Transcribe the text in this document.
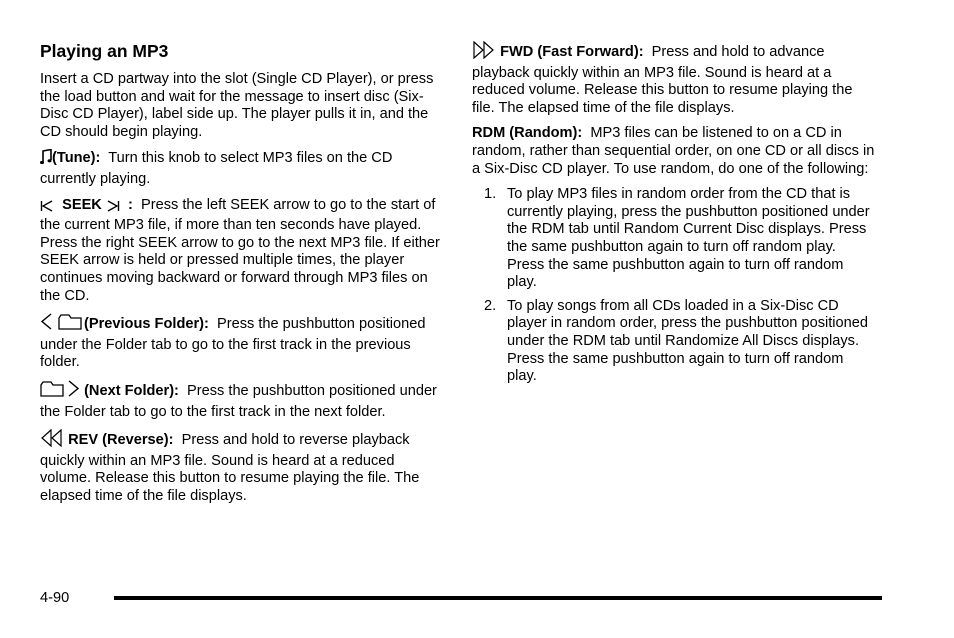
Playing an MP3

Insert a CD partway into the slot (Single CD Player), or press the load button and wait for the message to insert disc (Six-Disc CD Player), label side up. The player pulls it in, and the CD should begin playing.

(Tune): Turn this knob to select MP3 files on the CD currently playing.

SEEK : Press the left SEEK arrow to go to the start of the current MP3 file, if more than ten seconds have played. Press the right SEEK arrow to go to the next MP3 file. If either SEEK arrow is held or pressed multiple times, the player continues moving backward or forward through MP3 files on the CD.

(Previous Folder): Press the pushbutton positioned under the Folder tab to go to the first track in the previous folder.

(Next Folder): Press the pushbutton positioned under the Folder tab to go to the first track in the next folder.

REV (Reverse): Press and hold to reverse playback quickly within an MP3 file. Sound is heard at a reduced volume. Release this button to resume playing the file. The elapsed time of the file displays.

FWD (Fast Forward): Press and hold to advance playback quickly within an MP3 file. Sound is heard at a reduced volume. Release this button to resume playing the file. The elapsed time of the file displays.

RDM (Random): MP3 files can be listened to on a CD in random, rather than sequential order, on one CD or all discs in a Six-Disc CD player. To use random, do one of the following:

1. To play MP3 files in random order from the CD that is currently playing, press the pushbutton positioned under the RDM tab until Random Current Disc displays. Press the same pushbutton again to turn off random play. Press the same pushbutton again to turn off random play.
2. To play songs from all CDs loaded in a Six-Disc CD player in random order, press the pushbutton positioned under the RDM tab until Randomize All Discs displays. Press the same pushbutton again to turn off random play.
4-90
